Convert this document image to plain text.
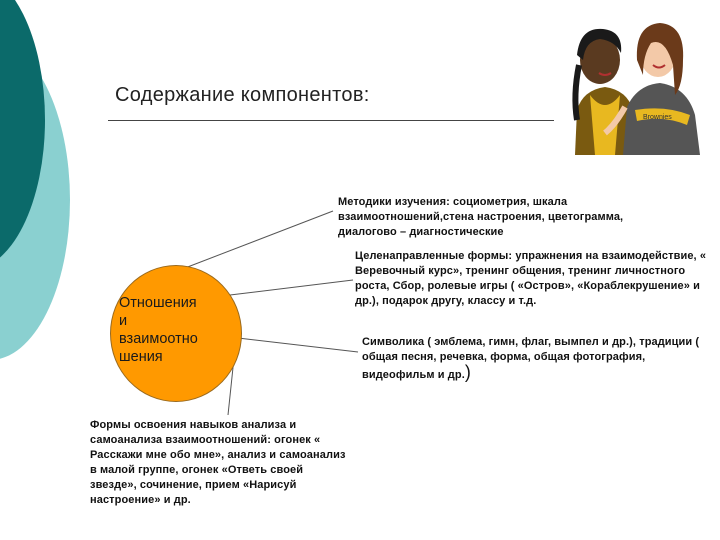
Содержание компонентов:
Отношения
и
взаимоотно
шения
Методики изучения: социометрия, шкала взаимоотношений,стена настроения, цветограмма, диалогово – диагностические
Целенаправленные формы: упражнения на взаимодействие, « Веревочный курс», тренинг общения, тренинг личностного роста, Сбор, ролевые игры ( «Остров», «Кораблекрушение» и др.), подарок другу, классу и т.д.
Символика ( эмблема, гимн, флаг, вымпел и др.), традиции ( общая песня, речевка, форма, общая фотография, видеофильм и др.)
Формы освоения навыков анализа и самоанализа взаимоотношений: огонек « Расскажи мне обо мне», анализ и самоанализ в малой группе, огонек «Ответь своей звезде», сочинение, прием «Нарисуй настроение» и др.
Brownies
